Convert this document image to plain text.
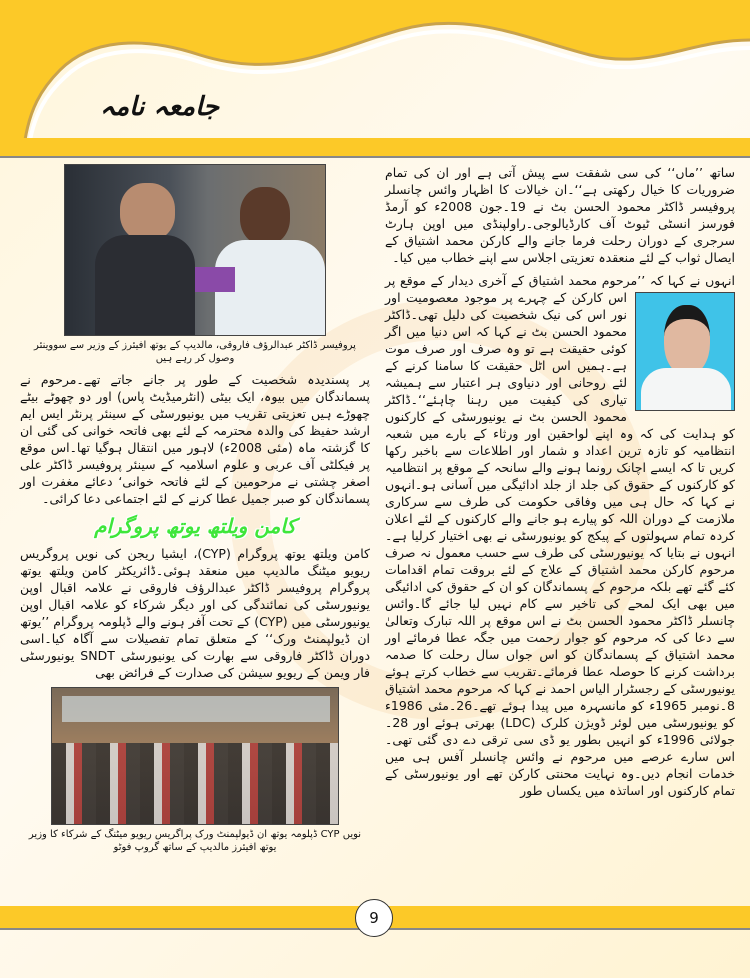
جامعہ نامہ
پروفیسر ڈاکٹر عبدالرؤف فاروقی، مالدیپ کے یوتھ افیئرز کے وزیر سے سووینئر وصول کر رہے ہیں

پر پسندیدہ شخصیت کے طور پر جانے جاتے تھے۔مرحوم نے پسماندگان میں بیوہ، ایک بیٹی (انٹرمیڈیٹ پاس) اور دو چھوٹے بیٹے چھوڑے ہیں تعزیتی تقریب میں یونیورسٹی کے سینئر پرنٹر ایس ایم ارشد حفیظ کی والدہ محترمہ کے لئے بھی فاتحہ خوانی کی گئی ان کا گزشتہ ماہ (مئی 2008ء) لاہور میں انتقال ہوگیا تھا۔اس موقع پر فیکلٹی آف عربی و علوم اسلامیہ کے سینئر پروفیسر ڈاکٹر علی اصغر چشتی نے مرحومین کے لئے فاتحہ خوانی‘ دعائے مغفرت اور پسماندگان کو صبر جمیل عطا کرنے کے لئے اجتماعی دعا کرائی۔

کامن ویلتھ یوتھ پروگرام

کامن ویلتھ یوتھ پروگرام (CYP)، ایشیا ریجن کی نویں پروگریس ریویو میٹنگ مالدیپ میں منعقد ہوئی۔ڈائریکٹر کامن ویلتھ یوتھ پروگرام پروفیسر ڈاکٹر عبدالرؤف فاروقی نے علامہ اقبال اوپن یونیورسٹی کی نمائندگی کی اور دیگر شرکاء کو علامہ اقبال اوپن یونیورسٹی میں (CYP) کے تحت آفر ہونے والے ڈپلومہ پروگرام ’’یوتھ ان ڈیولپمنٹ ورک‘‘ کے متعلق تمام تفصیلات سے آگاہ کیا۔اسی دوران ڈاکٹر فاروقی سے بھارت کی یونیورسٹی SNDT یونیورسٹی فار ویمن کے ریویو سیشن کی صدارت کے فرائض بھی

نویں CYP ڈپلومہ یوتھ ان ڈیولپمنٹ ورک پراگریس ریویو میٹنگ کے شرکاء کا وزیر یوتھ افیئرز مالدیپ کے ساتھ گروپ فوٹو

ساتھ ’’ماں‘‘ کی سی شفقت سے پیش آتی ہے اور ان کی تمام ضروریات کا خیال رکھتی ہے‘‘۔ان خیالات کا اظہار وائس چانسلر پروفیسر ڈاکٹر محمود الحسن بٹ نے 19۔جون 2008ء کو آرمڈ فورسز انسٹی ٹیوٹ آف کارڈیالوجی۔راولپنڈی میں اوپن ہارٹ سرجری کے دوران رحلت فرما جانے والے کارکن محمد اشتیاق کے ایصال ثواب کے لئے منعقدہ تعزیتی اجلاس سے اپنے خطاب میں کیا۔

انہوں نے کہا کہ ’’مرحوم محمد اشتیاق کے آخری دیدار کے موقع پر اس کارکن کے
چہرے پر موجود معصومیت اور نور اس کی نیک شخصیت کی دلیل تھی۔ڈاکٹر محمود الحسن بٹ نے کہا کہ اس دنیا میں اگر کوئی حقیقت ہے تو وہ صرف اور صرف موت ہے۔ہمیں اس اٹل حقیقت کا سامنا کرنے کے لئے روحانی اور دنیاوی ہر اعتبار سے ہمیشہ تیاری کی کیفیت میں رہنا چاہئے‘‘۔ڈاکٹر محمود الحسن بٹ نے یونیورسٹی کے کارکنوں کو ہدایت کی کہ وہ اپنے لواحقین اور ورثاء کے بارے میں شعبہ انتظامیہ کو تازہ ترین اعداد و شمار اور اطلاعات سے باخبر رکھا کریں تا کہ ایسے اچانک رونما ہونے والے سانحہ کے موقع پر انتظامیہ کو کارکنوں کے حقوق کی جلد از جلد ادائیگی میں آسانی ہو۔انہوں نے کہا کہ حال ہی میں وفاقی حکومت کی طرف سے سرکاری ملازمت کے دوران اللہ کو پیارے ہو جانے والے کارکنوں کے لئے اعلان کردہ تمام سہولتوں کے پیکج کو یونیورسٹی نے بھی اختیار کرلیا ہے۔انہوں نے بتایا کہ یونیورسٹی کی طرف سے حسب معمول نہ صرف مرحوم کارکن محمد اشتیاق کے علاج کے لئے بروقت تمام اقدامات کئے گئے تھے بلکہ مرحوم کے پسماندگان کو ان کے حقوق کی ادائیگی میں بھی ایک لمحے کی تاخیر سے کام نہیں لیا جائے گا۔وائس چانسلر ڈاکٹر محمود الحسن بٹ نے اس موقع پر اللہ تبارک وتعالیٰ سے دعا کی کہ مرحوم کو جوار رحمت میں جگہ عطا فرمائے اور محمد اشتیاق کے پسماندگان کو اس جواں سال رحلت کا صدمہ برداشت کرنے کا حوصلہ عطا فرمائے۔تقریب سے خطاب کرتے ہوئے یونیورسٹی کے رجسٹرار الیاس احمد نے کہا کہ مرحوم محمد اشتیاق 8۔نومبر 1965ء کو مانسہرہ میں پیدا ہوئے تھے۔26۔مئی 1986ء کو یونیورسٹی میں لوئر ڈویژن کلرک (LDC) بھرتی ہوئے اور 28۔جولائی 1996ء کو انہیں بطور یو ڈی سی ترقی دے دی گئی تھی۔اس سارے عرصے میں مرحوم نے وائس چانسلر آفس ہی میں خدمات انجام دیں۔وہ نہایت محنتی کارکن تھے اور یونیورسٹی کے تمام کارکنوں اور اساتذہ میں یکساں طور

9
